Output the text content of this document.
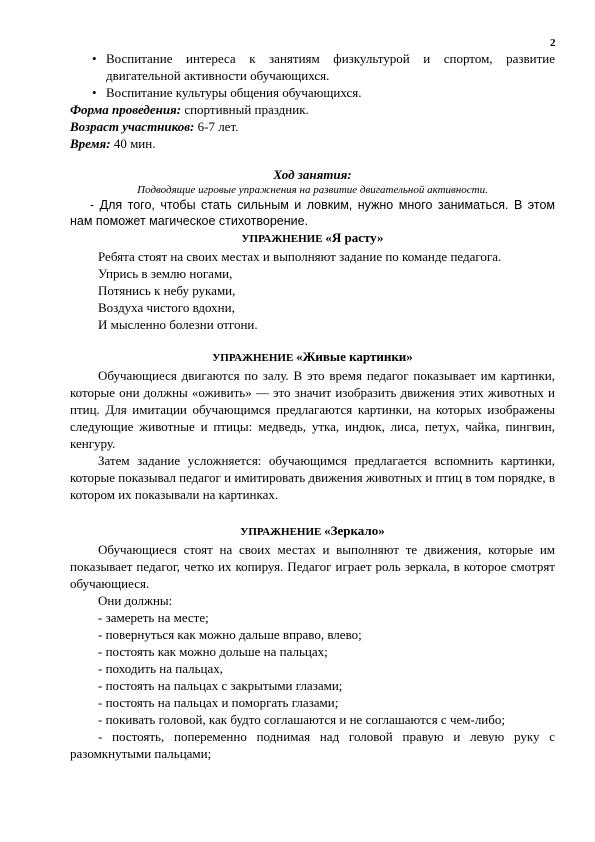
2
• Воспитание интереса к занятиям физкультурой и спортом, развитие двигательной активности обучающихся.
• Воспитание культуры общения обучающихся.

Форма проведения: спортивный праздник.

Возраст участников: 6-7 лет.

Время: 40 мин.

Ход занятия:
Подводящие игровые упражнения на развитие двигательной активности.
- Для того, чтобы стать сильным и ловким, нужно много заниматься. В этом нам поможет магическое стихотворение.
УПРАЖНЕНИЕ «Я расту»
Ребята стоят на своих местах и выполняют задание по команде педагога.
Упрись в землю ногами,
Потянись к небу руками,
Воздуха чистого вдохни,
И мысленно болезни отгони.
УПРАЖНЕНИЕ «Живые картинки»
Обучающиеся двигаются по залу. В это время педагог показывает им картинки, которые они должны «оживить» — это значит изобразить движения этих животных и птиц. Для имитации обучающимся предлагаются картинки, на которых изображены следующие животные и птицы: медведь, утка, индюк, лиса, петух, чайка, пингвин, кенгуру.
Затем задание усложняется: обучающимся предлагается вспомнить картинки, которые показывал педагог и имитировать движения животных и птиц в том порядке, в котором их показывали на картинках.
УПРАЖНЕНИЕ «Зеркало»
Обучающиеся стоят на своих местах и выполняют те движения, которые им показывает педагог, четко их копируя. Педагог играет роль зеркала, в которое смотрят обучающиеся.
Они должны:
- замереть на месте;
- повернуться как можно дальше вправо, влево;
- постоять как можно дольше на пальцах;
- походить на пальцах,
- постоять на пальцах с закрытыми глазами;
- постоять на пальцах и поморгать глазами;
- покивать головой, как будто соглашаются и не соглашаются с чем-либо;
- постоять, попеременно поднимая над головой правую и левую руку с разомкнутыми пальцами;
